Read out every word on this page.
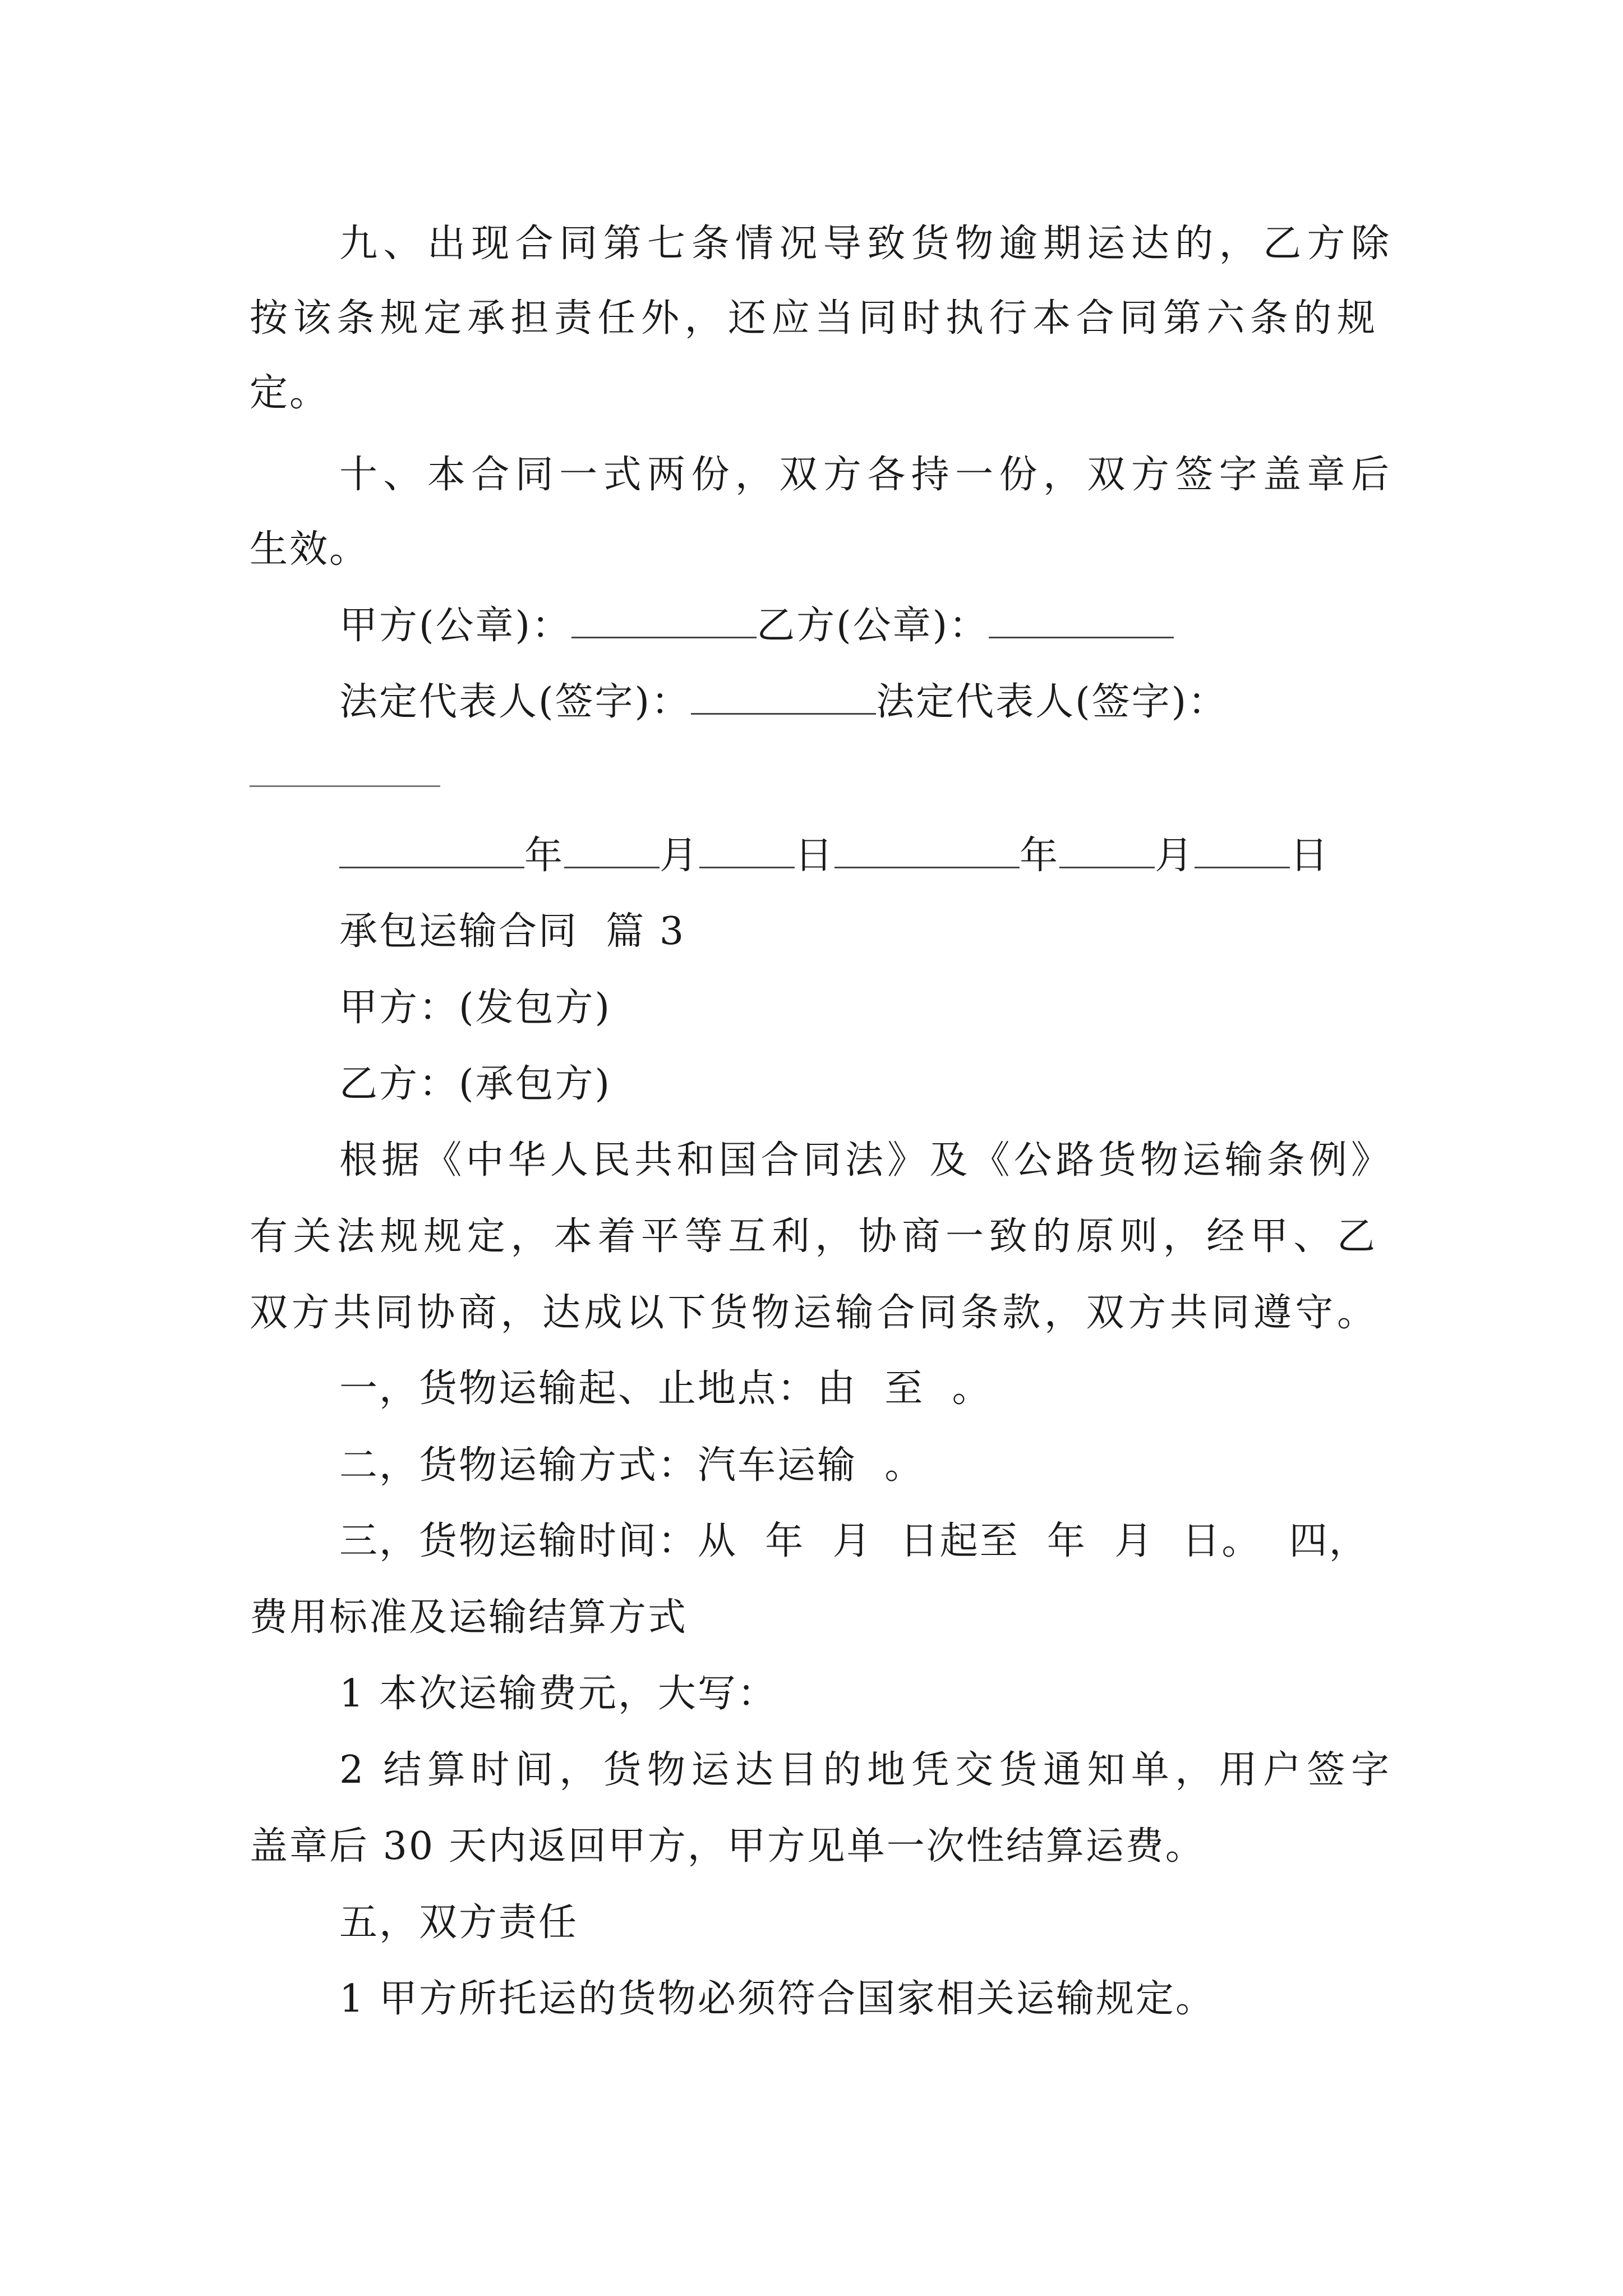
九、出现合同第七条情况导致货物逾期运达的，乙方除
按该条规定承担责任外，还应当同时执行本合同第六条的规
定。
十、本合同一式两份，双方各持一份，双方签字盖章后
生效。
甲方(公章)：	乙方(公章)：
法定代表人(签字)：	法定代表人(签字)：
年	月	日	年	月	日
承包运输合同  篇 3
甲方：(发包方)
乙方：(承包方)
根据《中华人民共和国合同法》及《公路货物运输条例》
有关法规规定，本着平等互利，协商一致的原则，经甲、乙
双方共同协商，达成以下货物运输合同条款，双方共同遵守。
一，货物运输起、止地点：由  至  。
二，货物运输方式：汽车运输  。
三，货物运输时间：从  年  月  日起至  年  月  日。  四，
费用标准及运输结算方式
1 本次运输费元，大写：
2 结算时间，货物运达目的地凭交货通知单，用户签字
盖章后 30 天内返回甲方，甲方见单一次性结算运费。
五，双方责任
1 甲方所托运的货物必须符合国家相关运输规定。
